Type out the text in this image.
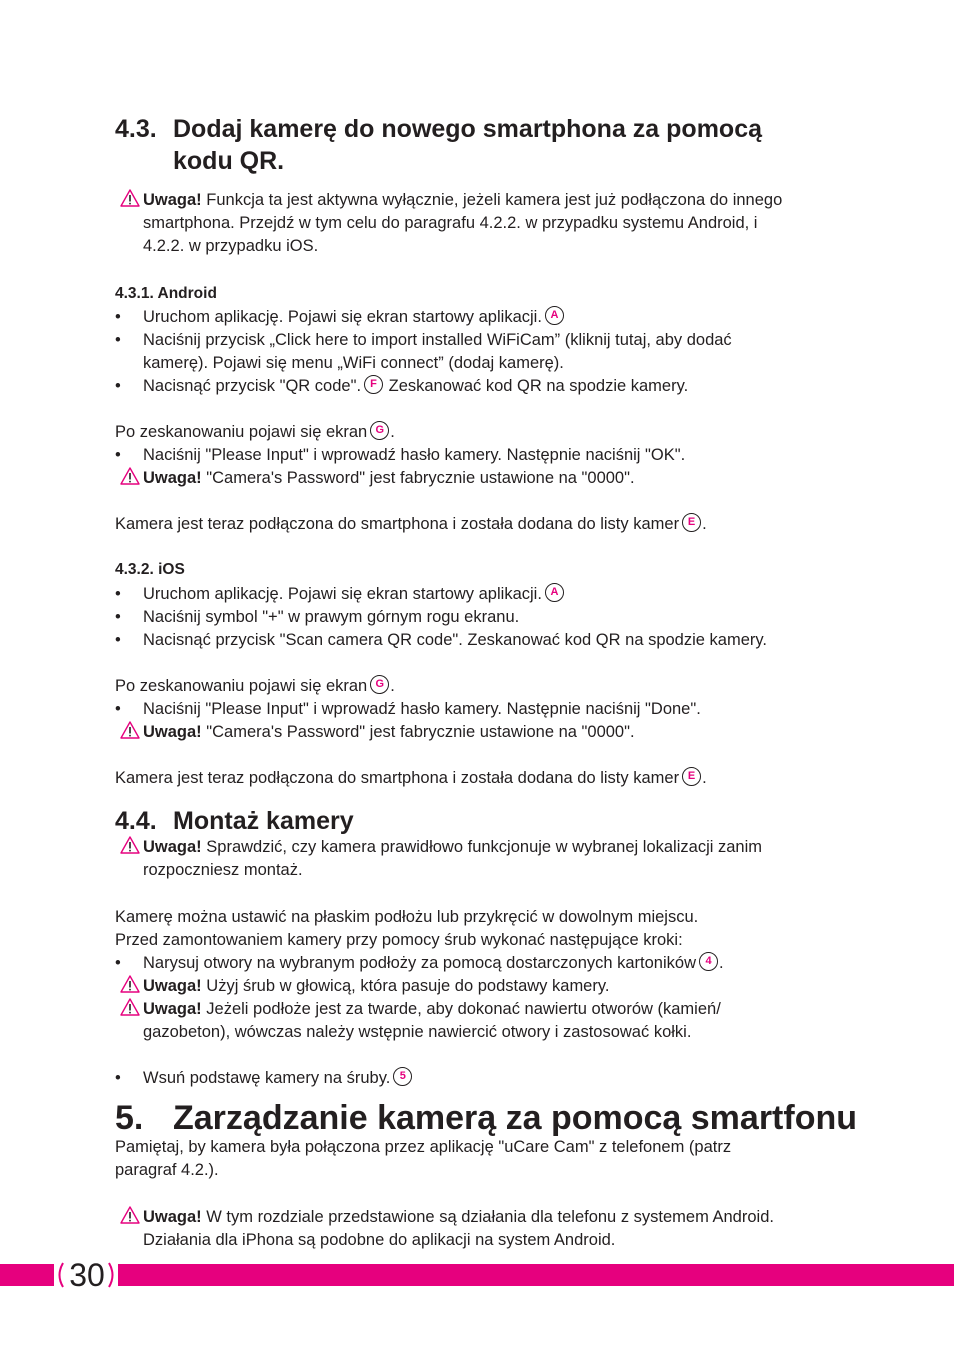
4.3. Dodaj kamerę do nowego smartphona za pomocą
kodu QR.
Uwaga! Funkcja ta jest aktywna wyłącznie, jeżeli kamera jest już podłączona do innego
smartphona. Przejdź w tym celu do paragrafu 4.2.2. w przypadku systemu Android, i
4.2.2. w przypadku iOS.
4.3.1. Android
• Uruchom aplikację. Pojawi się ekran startowy aplikacji. A
• Naciśnij przycisk „Click here to import installed WiFiCam” (kliknij tutaj, aby dodać
kamerę). Pojawi się menu „WiFi connect” (dodaj kamerę).
• Nacisnąć przycisk "QR code". F Zeskanować kod QR na spodzie kamery.
Po zeskanowaniu pojawi się ekran G .
• Naciśnij "Please Input" i wprowadź hasło kamery. Następnie naciśnij "OK".
Uwaga! "Camera's Password" jest fabrycznie ustawione na "0000".
Kamera jest teraz podłączona do smartphona i została dodana do listy kamer E .
4.3.2. iOS
• Uruchom aplikację. Pojawi się ekran startowy aplikacji. A
• Naciśnij symbol "+" w prawym górnym rogu ekranu.
• Nacisnąć przycisk "Scan camera QR code". Zeskanować kod QR na spodzie kamery.
Po zeskanowaniu pojawi się ekran G .
• Naciśnij "Please Input" i wprowadź hasło kamery. Następnie naciśnij "Done".
Uwaga! "Camera's Password" jest fabrycznie ustawione na "0000".
Kamera jest teraz podłączona do smartphona i została dodana do listy kamer E .
4.4. Montaż kamery
Uwaga! Sprawdzić, czy kamera prawidłowo funkcjonuje w wybranej lokalizacji zanim
rozpoczniesz montaż.
Kamerę można ustawić na płaskim podłożu lub przykręcić w dowolnym miejscu.
Przed zamontowaniem kamery przy pomocy śrub wykonać następujące kroki:
• Narysuj otwory na wybranym podłoży za pomocą dostarczonych kartoników 4 .
Uwaga! Użyj śrub w głowicą, która pasuje do podstawy kamery.
Uwaga! Jeżeli podłoże jest za twarde, aby dokonać nawiertu otworów (kamień/
gazobeton), wówczas należy wstępnie nawiercić otwory i zastosować kołki.
• Wsuń podstawę kamery na śruby. 5
5. Zarządzanie kamerą za pomocą smartfonu
Pamiętaj, by kamera była połączona przez aplikację "uCare Cam" z telefonem (patrz
paragraf 4.2.).
Uwaga! W tym rozdziale przedstawione są działania dla telefonu z systemem Android.
Działania dla iPhona są podobne do aplikacji na system Android.
30
